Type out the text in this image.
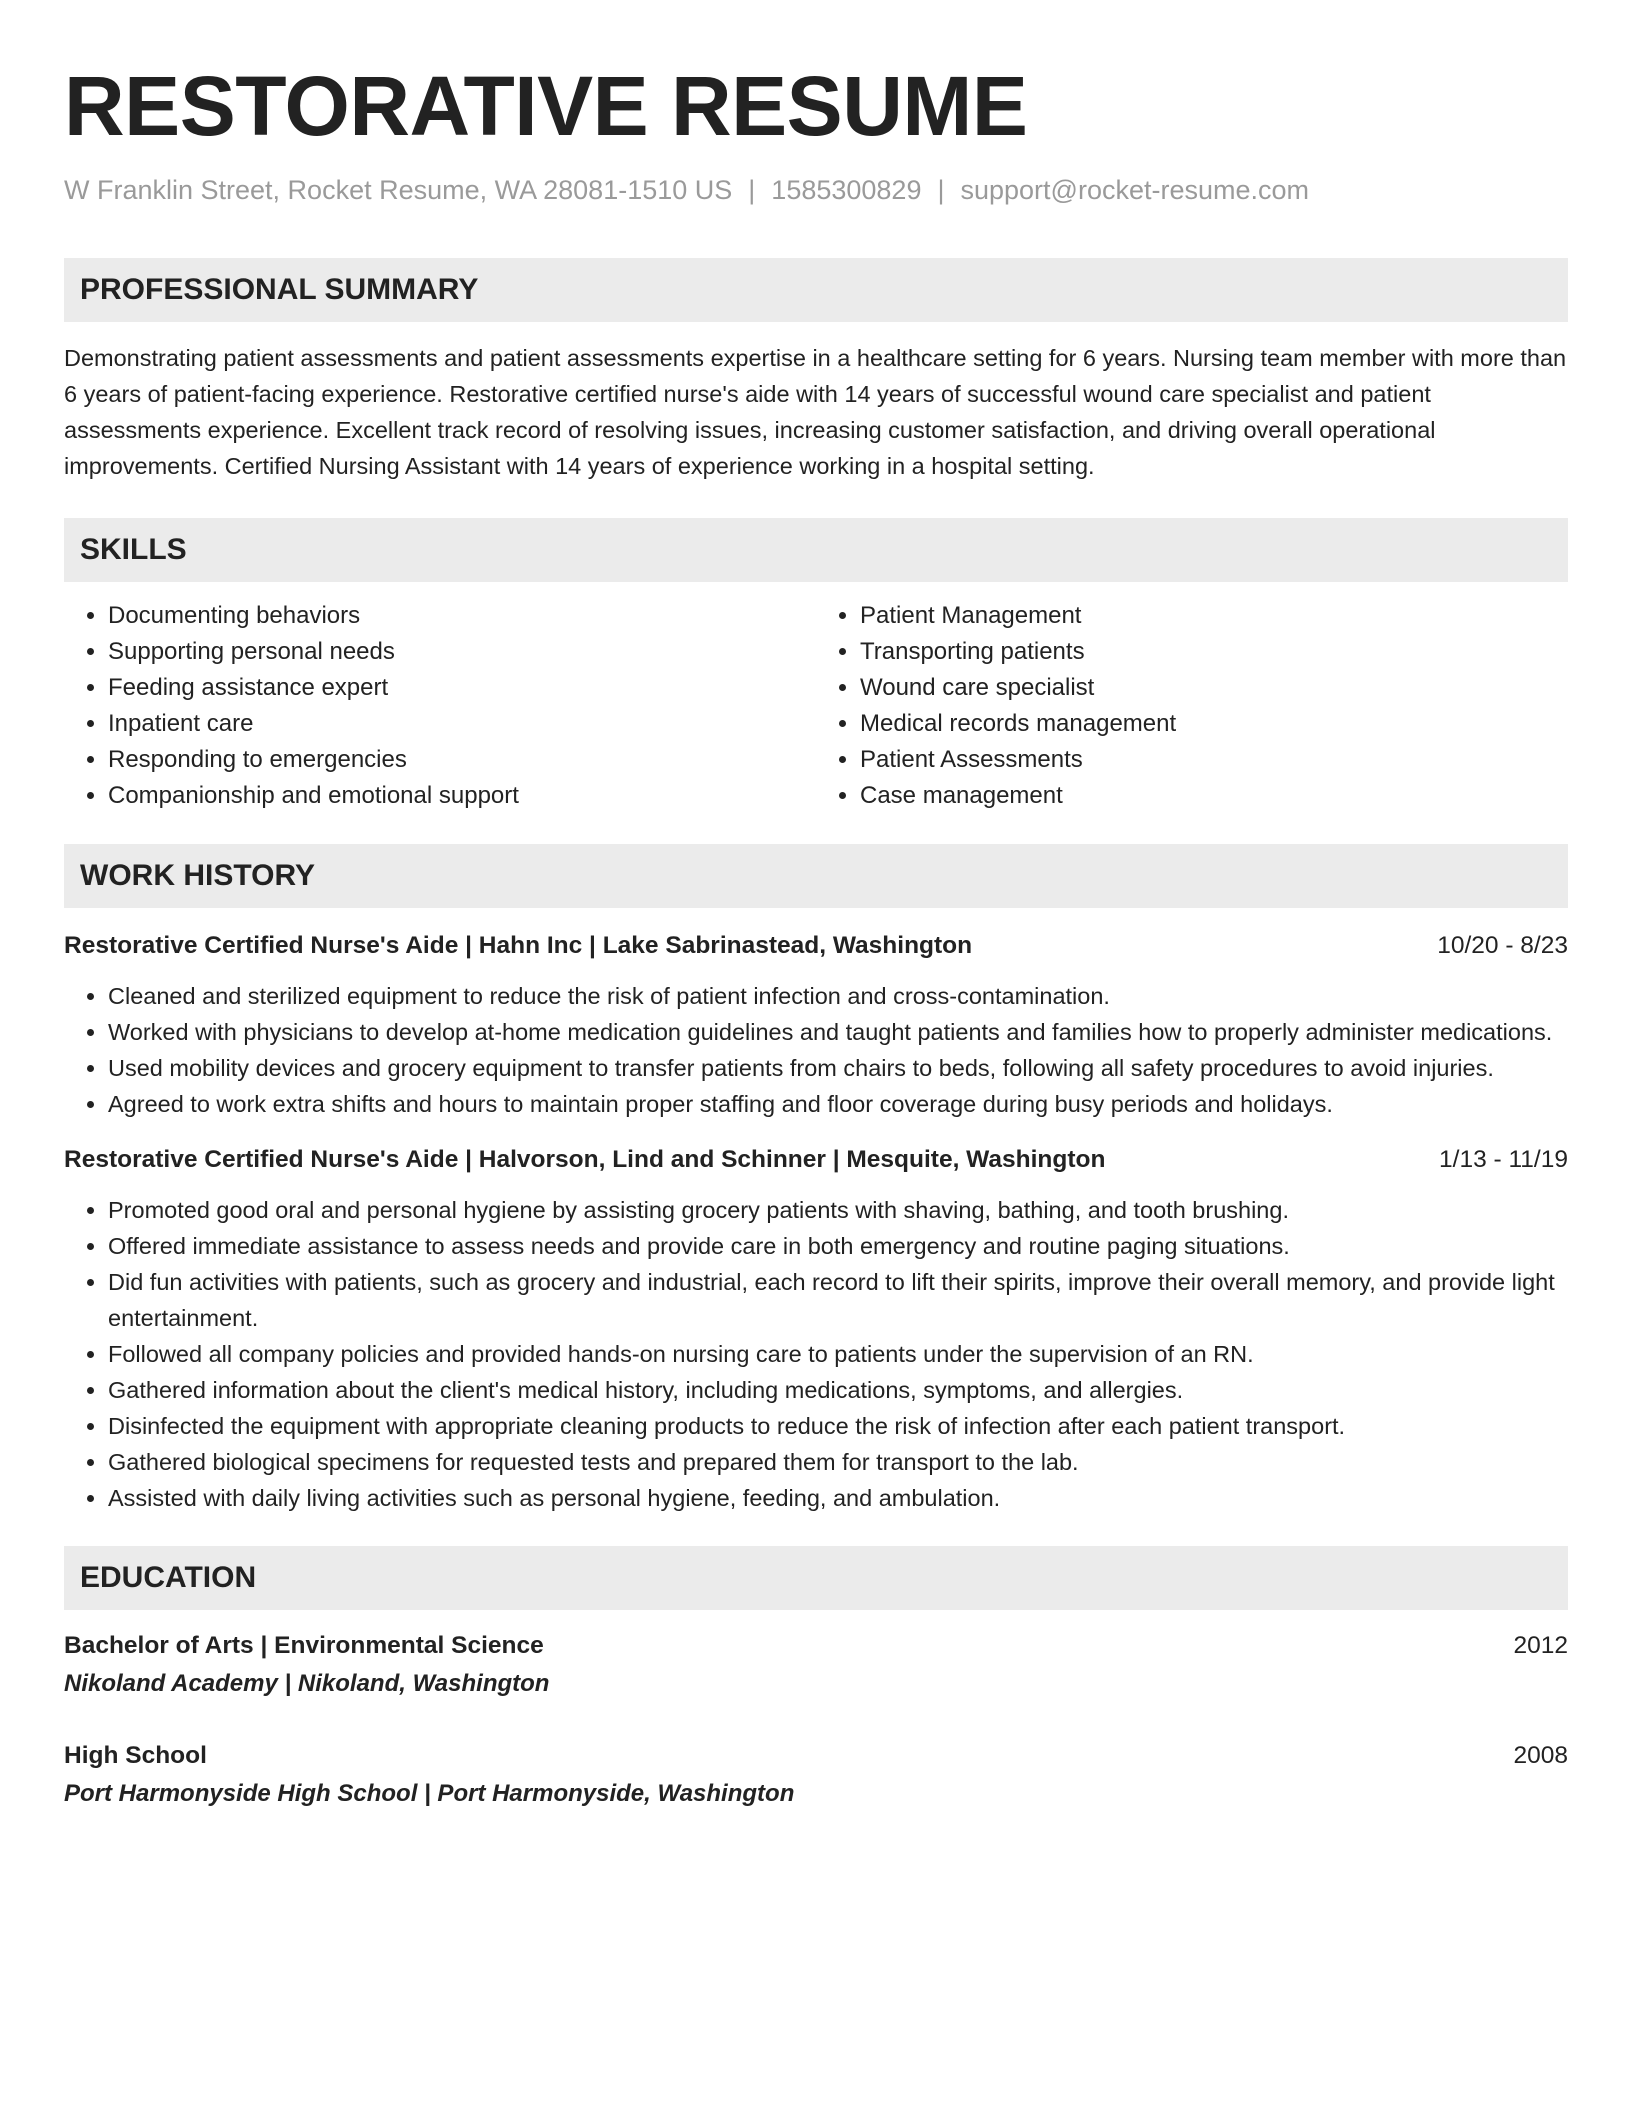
RESTORATIVE RESUME
W Franklin Street, Rocket Resume, WA 28081-1510 US | 1585300829 | support@rocket-resume.com
PROFESSIONAL SUMMARY
Demonstrating patient assessments and patient assessments expertise in a healthcare setting for 6 years. Nursing team member with more than 6 years of patient-facing experience. Restorative certified nurse's aide with 14 years of successful wound care specialist and patient assessments experience. Excellent track record of resolving issues, increasing customer satisfaction, and driving overall operational improvements. Certified Nursing Assistant with 14 years of experience working in a hospital setting.
SKILLS
• Documenting behaviors
• Supporting personal needs
• Feeding assistance expert
• Inpatient care
• Responding to emergencies
• Companionship and emotional support
• Patient Management
• Transporting patients
• Wound care specialist
• Medical records management
• Patient Assessments
• Case management
WORK HISTORY
Restorative Certified Nurse's Aide | Hahn Inc | Lake Sabrinastead, Washington	10/20 - 8/23
• Cleaned and sterilized equipment to reduce the risk of patient infection and cross-contamination.
• Worked with physicians to develop at-home medication guidelines and taught patients and families how to properly administer medications.
• Used mobility devices and grocery equipment to transfer patients from chairs to beds, following all safety procedures to avoid injuries.
• Agreed to work extra shifts and hours to maintain proper staffing and floor coverage during busy periods and holidays.
Restorative Certified Nurse's Aide | Halvorson, Lind and Schinner | Mesquite, Washington	1/13 - 11/19
• Promoted good oral and personal hygiene by assisting grocery patients with shaving, bathing, and tooth brushing.
• Offered immediate assistance to assess needs and provide care in both emergency and routine paging situations.
• Did fun activities with patients, such as grocery and industrial, each record to lift their spirits, improve their overall memory, and provide light entertainment.
• Followed all company policies and provided hands-on nursing care to patients under the supervision of an RN.
• Gathered information about the client's medical history, including medications, symptoms, and allergies.
• Disinfected the equipment with appropriate cleaning products to reduce the risk of infection after each patient transport.
• Gathered biological specimens for requested tests and prepared them for transport to the lab.
• Assisted with daily living activities such as personal hygiene, feeding, and ambulation.
EDUCATION
Bachelor of Arts | Environmental Science	2012
Nikoland Academy | Nikoland, Washington
High School	2008
Port Harmonyside High School | Port Harmonyside, Washington
